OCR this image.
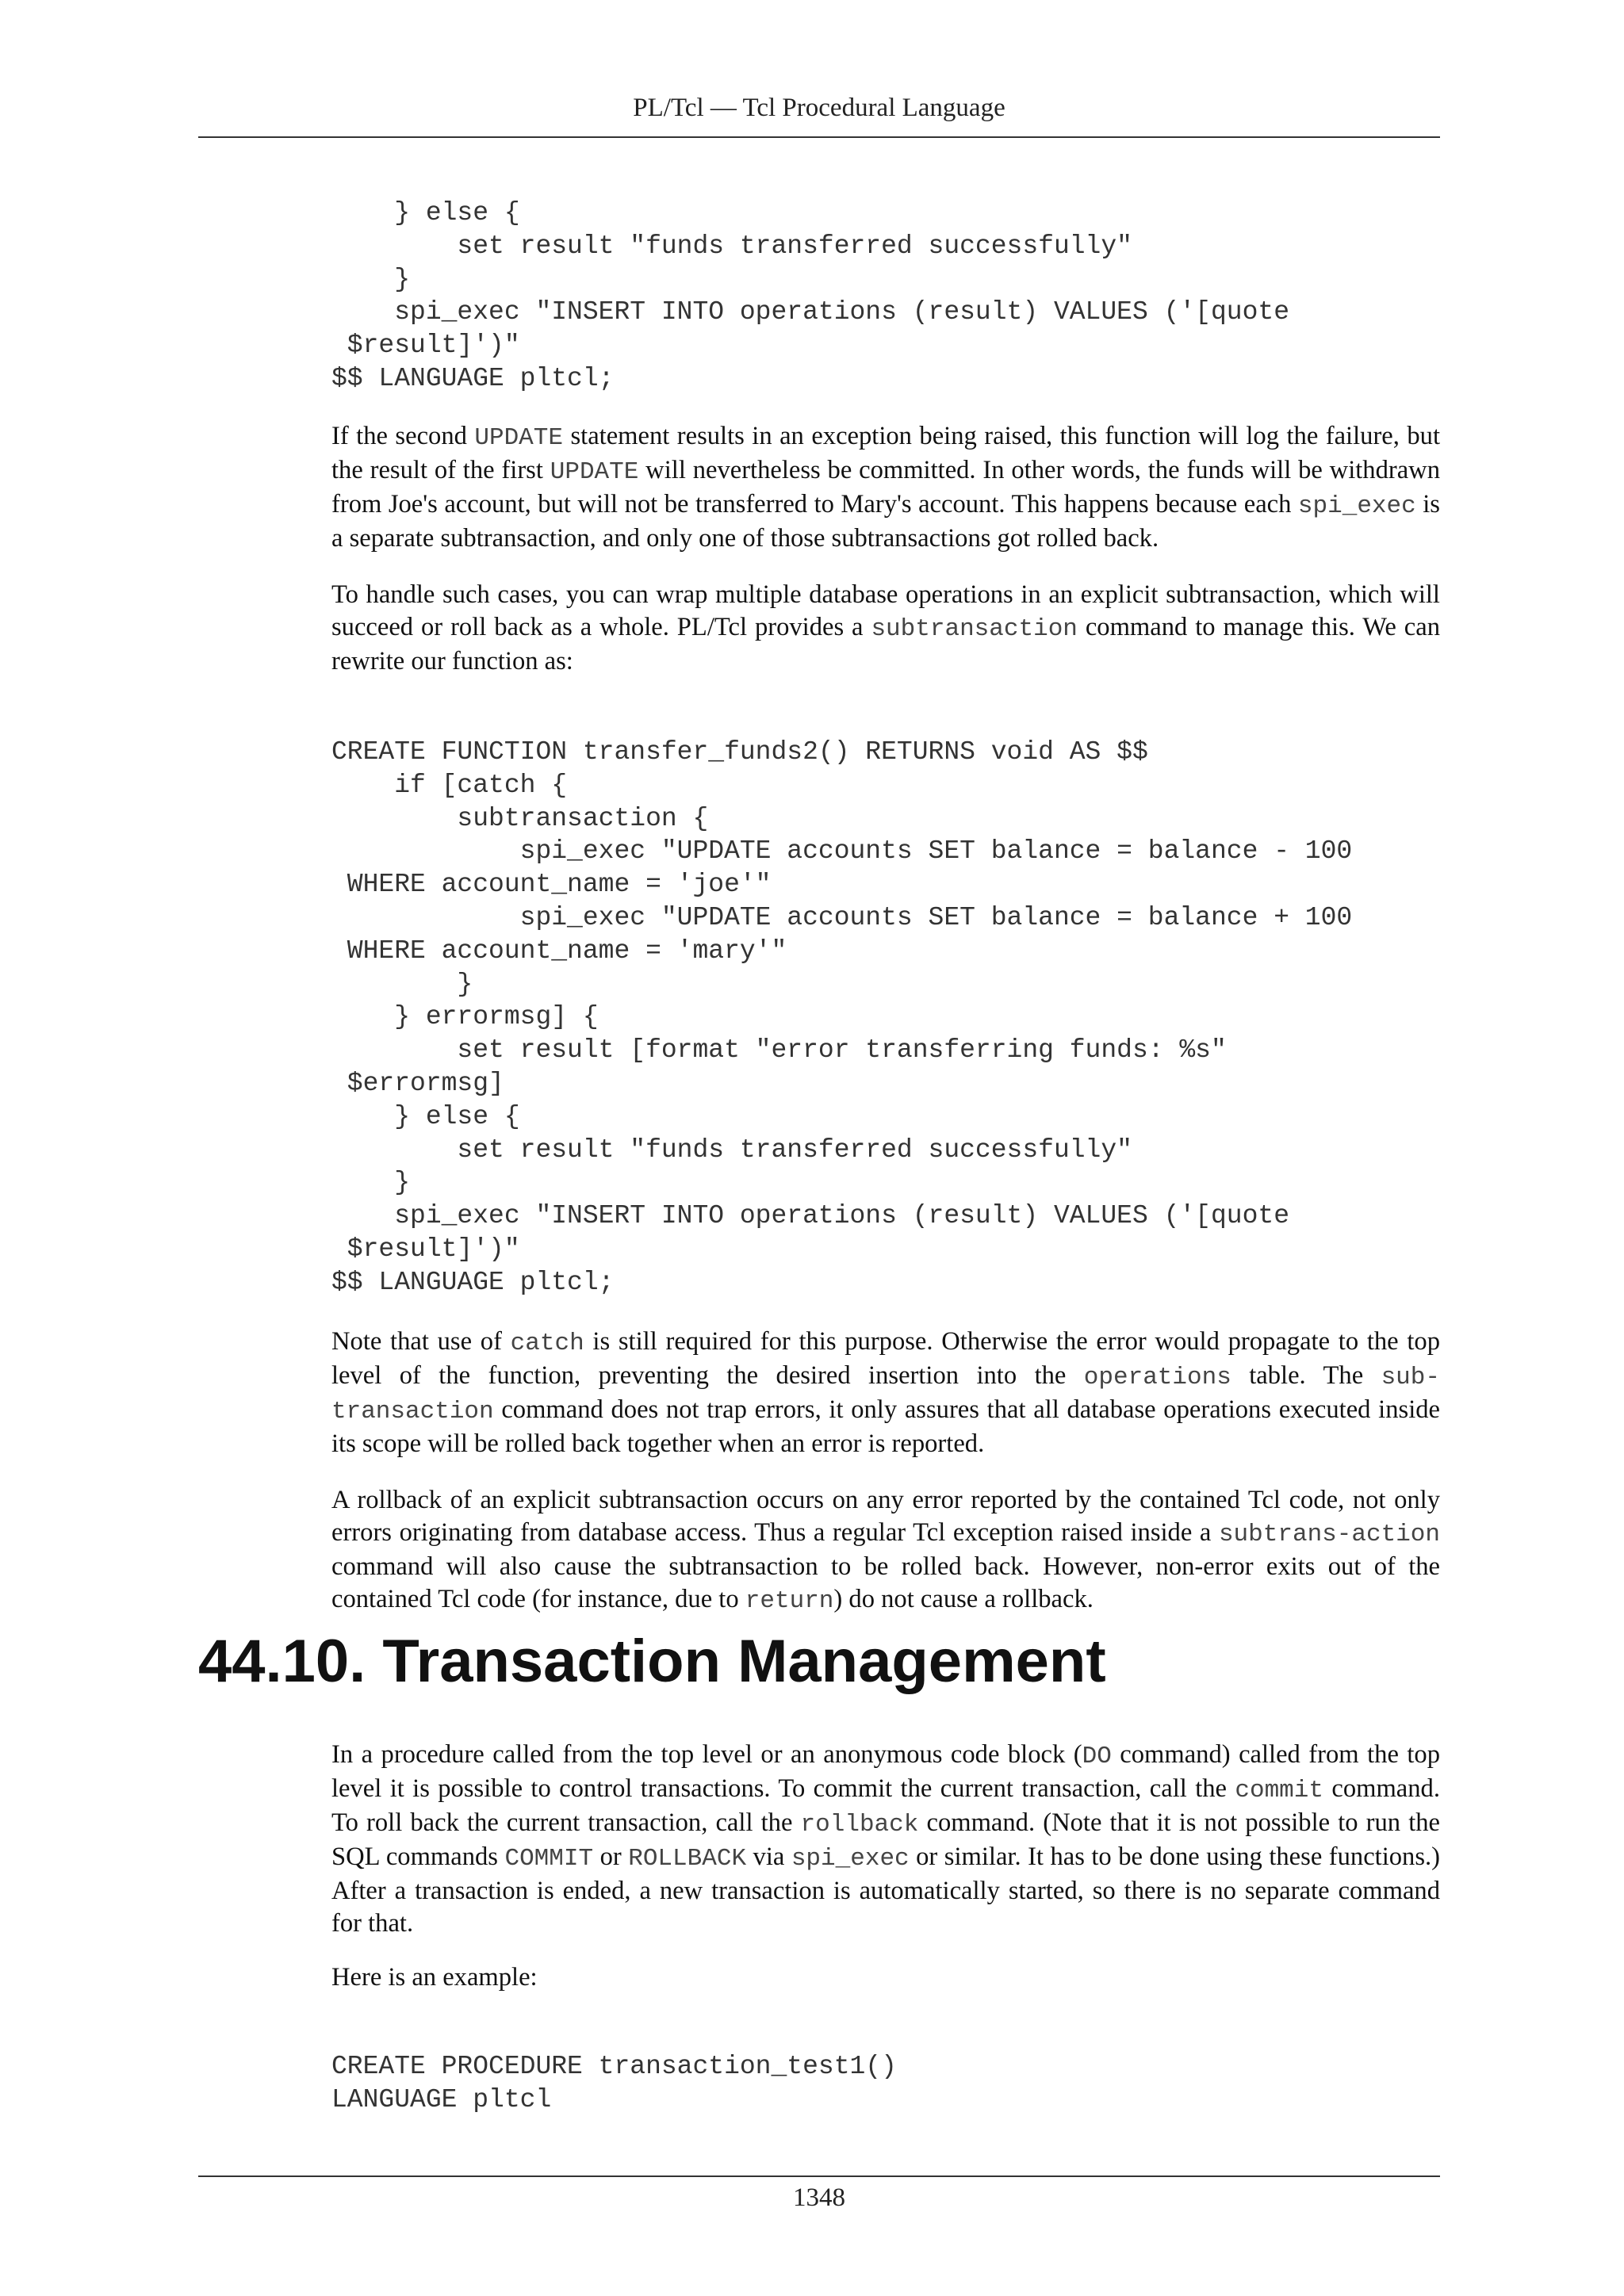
PL/Tcl — Tcl Procedural Language
} else {
set result "funds transferred successfully"
}
spi_exec "INSERT INTO operations (result) VALUES ('[quote
$result]')"
$$ LANGUAGE pltcl;

If the second UPDATE statement results in an exception being raised, this function will log the failure, but the result of the first UPDATE will nevertheless be committed. In other words, the funds will be withdrawn from Joe's account, but will not be transferred to Mary's account. This happens because each spi_exec is a separate subtransaction, and only one of those subtransactions got rolled back.

To handle such cases, you can wrap multiple database operations in an explicit subtransaction, which will succeed or roll back as a whole. PL/Tcl provides a subtransaction command to manage this. We can rewrite our function as:

CREATE FUNCTION transfer_funds2() RETURNS void AS $$
if [catch {
subtransaction {
spi_exec "UPDATE accounts SET balance = balance - 100
WHERE account_name = 'joe'"
spi_exec "UPDATE accounts SET balance = balance + 100
WHERE account_name = 'mary'"
}
} errormsg] {
set result [format "error transferring funds: %s"
$errormsg]
} else {
set result "funds transferred successfully"
}
spi_exec "INSERT INTO operations (result) VALUES ('[quote
$result]')"
$$ LANGUAGE pltcl;

Note that use of catch is still required for this purpose. Otherwise the error would propagate to the top level of the function, preventing the desired insertion into the operations table. The sub-transaction command does not trap errors, it only assures that all database operations executed inside its scope will be rolled back together when an error is reported.

A rollback of an explicit subtransaction occurs on any error reported by the contained Tcl code, not only errors originating from database access. Thus a regular Tcl exception raised inside a subtrans-action command will also cause the subtransaction to be rolled back. However, non-error exits out of the contained Tcl code (for instance, due to return) do not cause a rollback.

44.10. Transaction Management

In a procedure called from the top level or an anonymous code block (DO command) called from the top level it is possible to control transactions. To commit the current transaction, call the commit command. To roll back the current transaction, call the rollback command. (Note that it is not possible to run the SQL commands COMMIT or ROLLBACK via spi_exec or similar. It has to be done using these functions.) After a transaction is ended, a new transaction is automatically started, so there is no separate command for that.

Here is an example:

CREATE PROCEDURE transaction_test1()
LANGUAGE pltcl
1348
